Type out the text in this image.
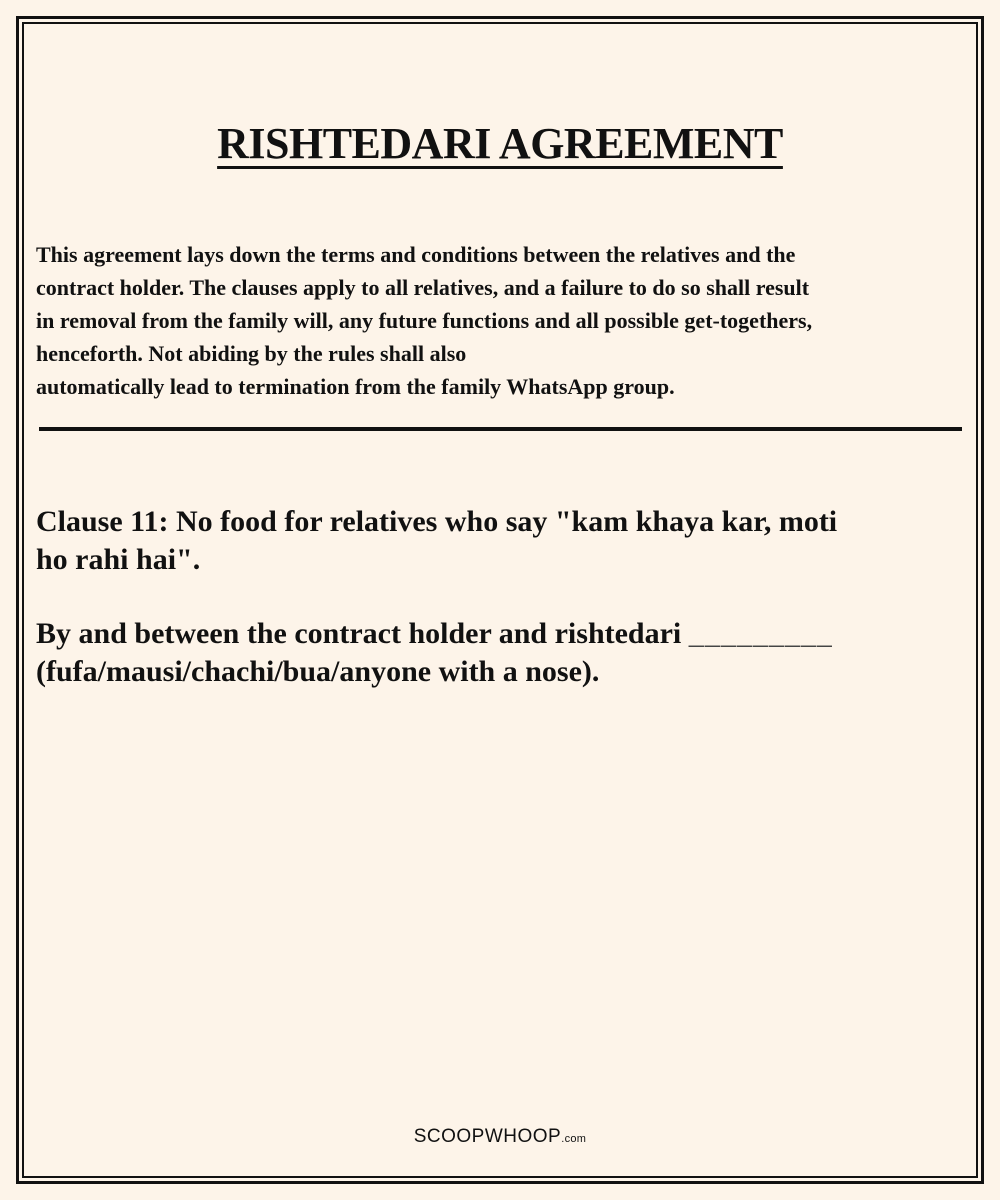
RISHTEDARI AGREEMENT

This agreement lays down the terms and conditions between the relatives and the
contract holder. The clauses apply to all relatives, and a failure to do so shall result
in removal from the family will, any future functions and all possible get-togethers,
henceforth. Not abiding by the rules shall also
automatically lead to termination from the family WhatsApp group.

Clause 11: No food for relatives who say "kam khaya kar, moti
ho rahi hai".

By and between the contract holder and rishtedari _________
(fufa/mausi/chachi/bua/anyone with a nose).

SCOOPWHOOP.com
